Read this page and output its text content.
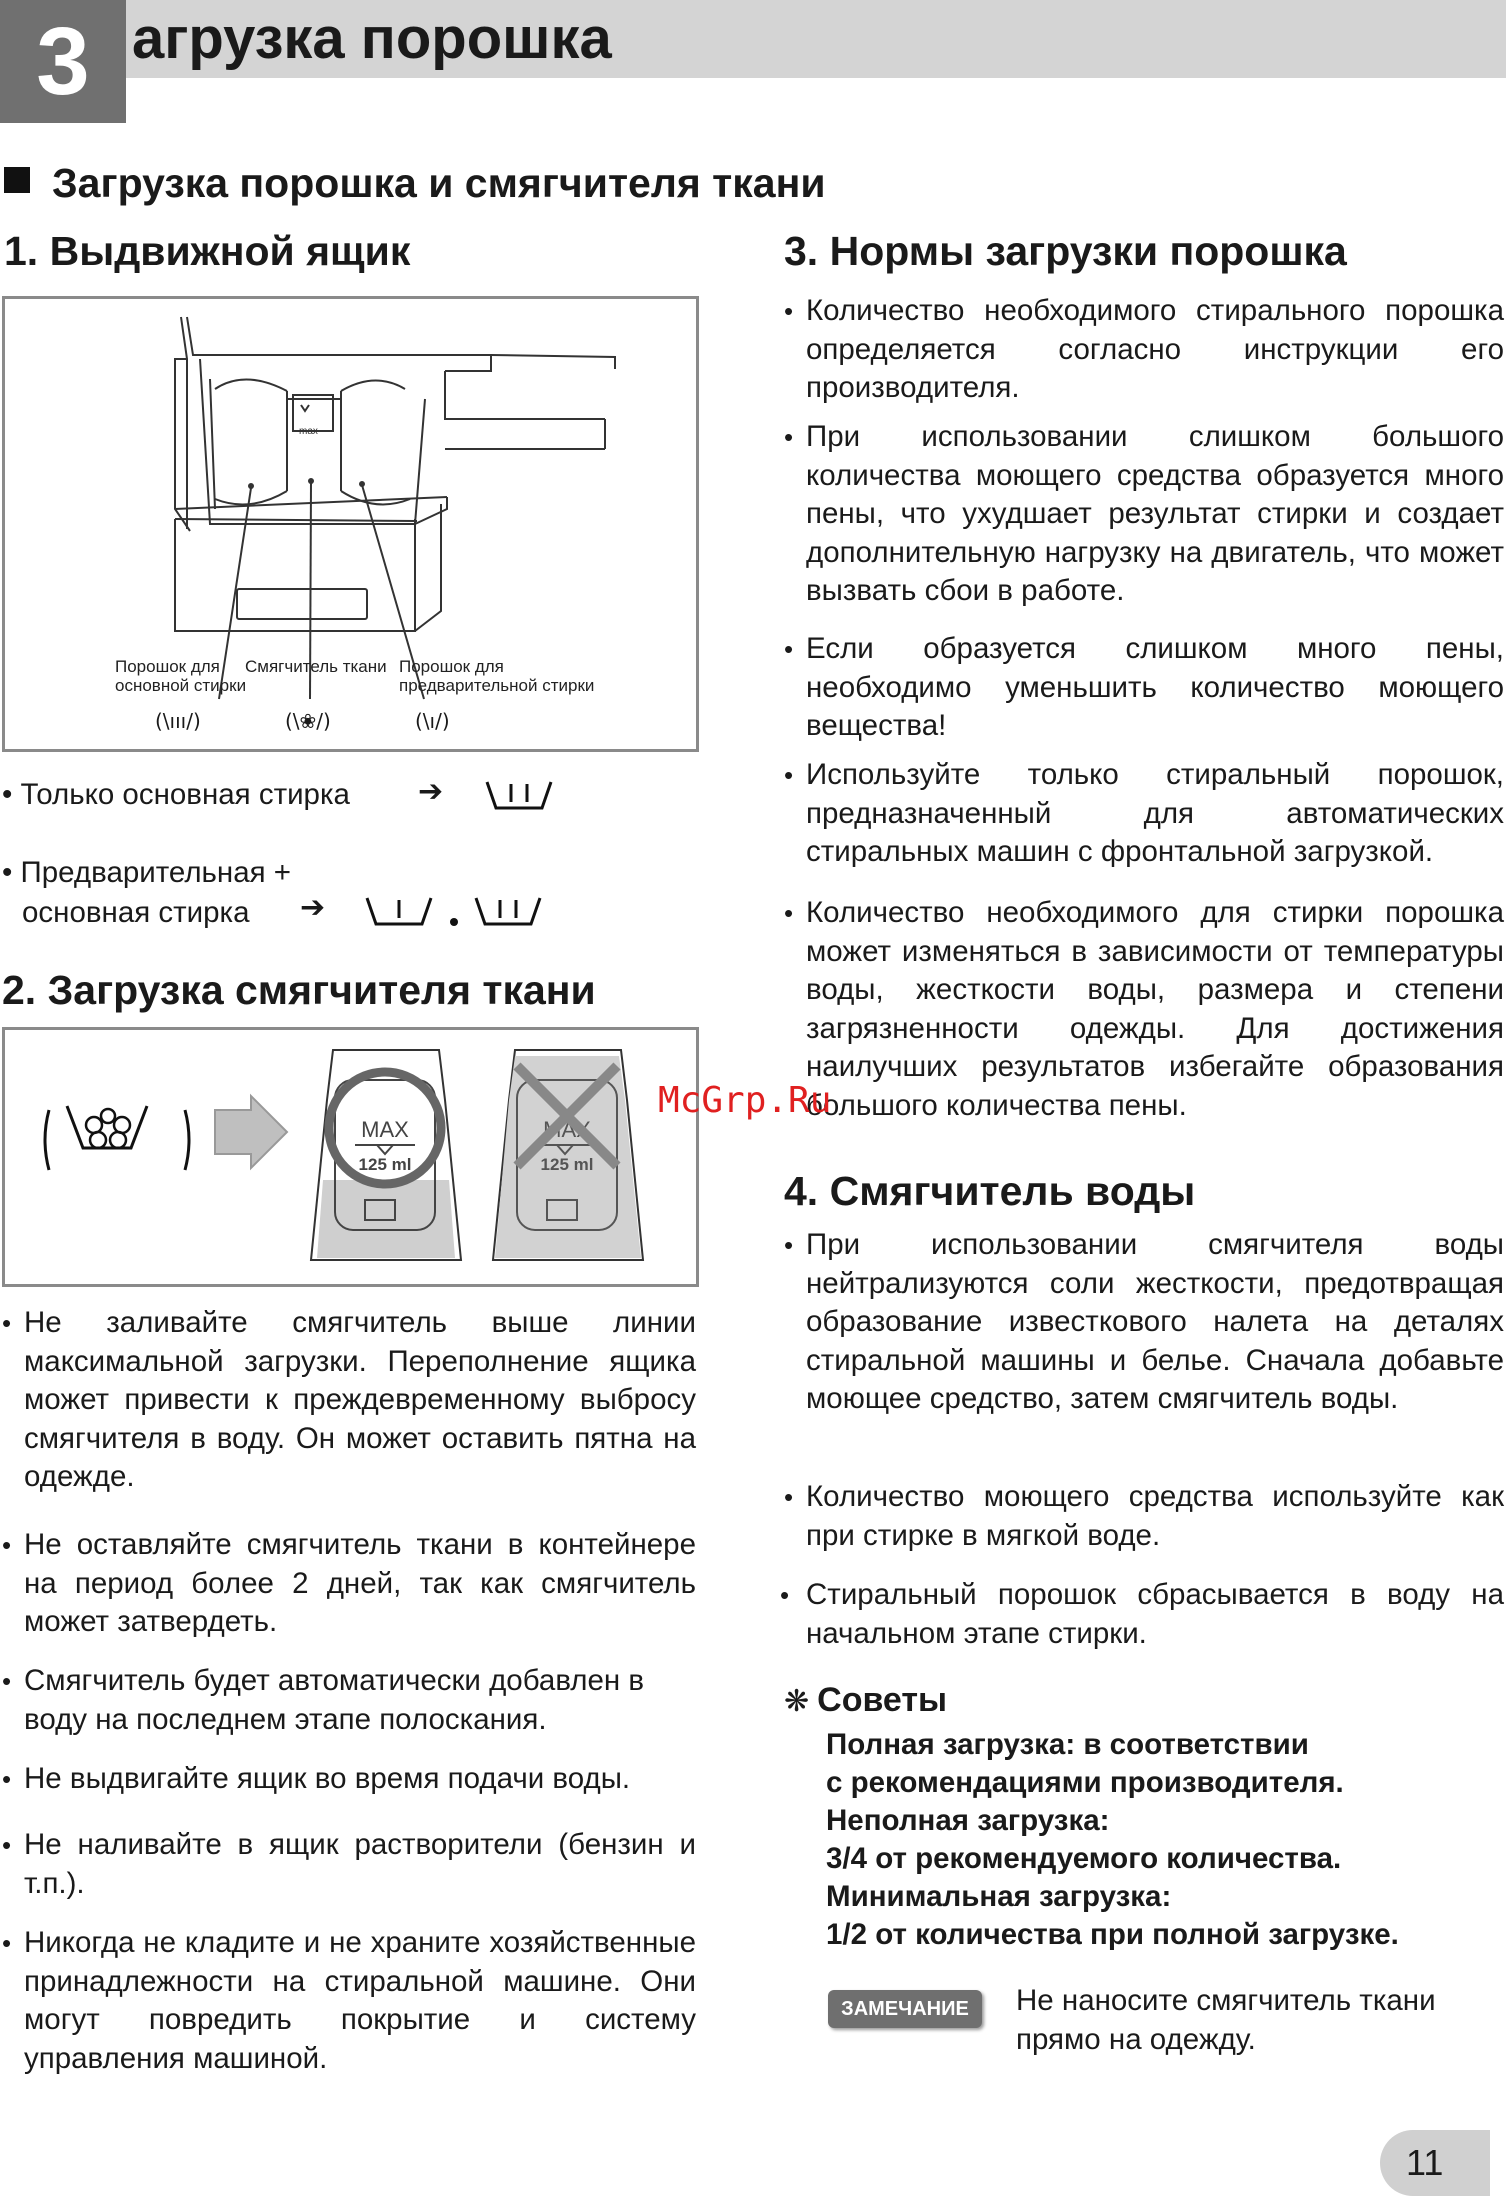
3 агрузка порошка
Загрузка порошка и смягчителя ткани
1. Выдвижной ящик
max
Порошок для основной стирки
Смягчитель ткани Порошок для предварительной стирки
(\ııı/)	(\❀/)	(\ı/)
• Только основная стирка ➔
• Предварительная +
основная стирка ➔
2. Загрузка смягчителя ткани
MAX
125 ml
MAX
125 ml
• Не заливайте смягчитель выше линии максимальной загрузки. Переполнение ящика может привести к преждевременному выбросу смягчителя в воду. Он может оставить пятна на одежде.
• Не оставляйте смягчитель ткани в контейнере на период более 2 дней, так как смягчитель может затвердеть.
• Смягчитель будет автоматически добавлен в воду на последнем этапе полоскания.
• Не выдвигайте ящик во время подачи воды.
• Не наливайте в ящик растворители (бензин и т.п.).
• Никогда не кладите и не храните хозяйственные принадлежности на стиральной машине. Они могут повредить покрытие и систему управления машиной.
3. Нормы загрузки порошка
• Количество необходимого стирального порошка определяется согласно инструкции его производителя.
• При использовании слишком большого количества моющего средства образуется много пены, что ухудшает результат стирки и создает дополнительную нагрузку на двигатель, что может вызвать сбои в работе.
• Если образуется слишком много пены, необходимо уменьшить количество моющего вещества!
• Используйте только стиральный порошок, предназначенный для автоматических стиральных машин с фронтальной загрузкой.
• Количество необходимого для стирки порошка может изменяться в зависимости от температуры воды, жесткости воды, размера и степени загрязненности одежды. Для достижения наилучших результатов избегайте образования большого количества пены.
McGrp.Ru
4. Смягчитель воды
• При использовании смягчителя воды нейтрализуются соли жесткости, предотвращая образование известкового налета на деталях стиральной машины и белье. Сначала добавьте моющее средство, затем смягчитель воды.
• Количество моющего средства используйте как при стирке в мягкой воде.
• Стиральный порошок сбрасывается в воду на начальном этапе стирки.
❋ Советы
Полная загрузка: в соответствии
с рекомендациями производителя.
Неполная загрузка:
3/4 от рекомендуемого количества.
Минимальная загрузка:
1/2 от количества при полной загрузке.
ЗАМЕЧАНИЕ	Не наносите смягчитель ткани
прямо на одежду.
11
